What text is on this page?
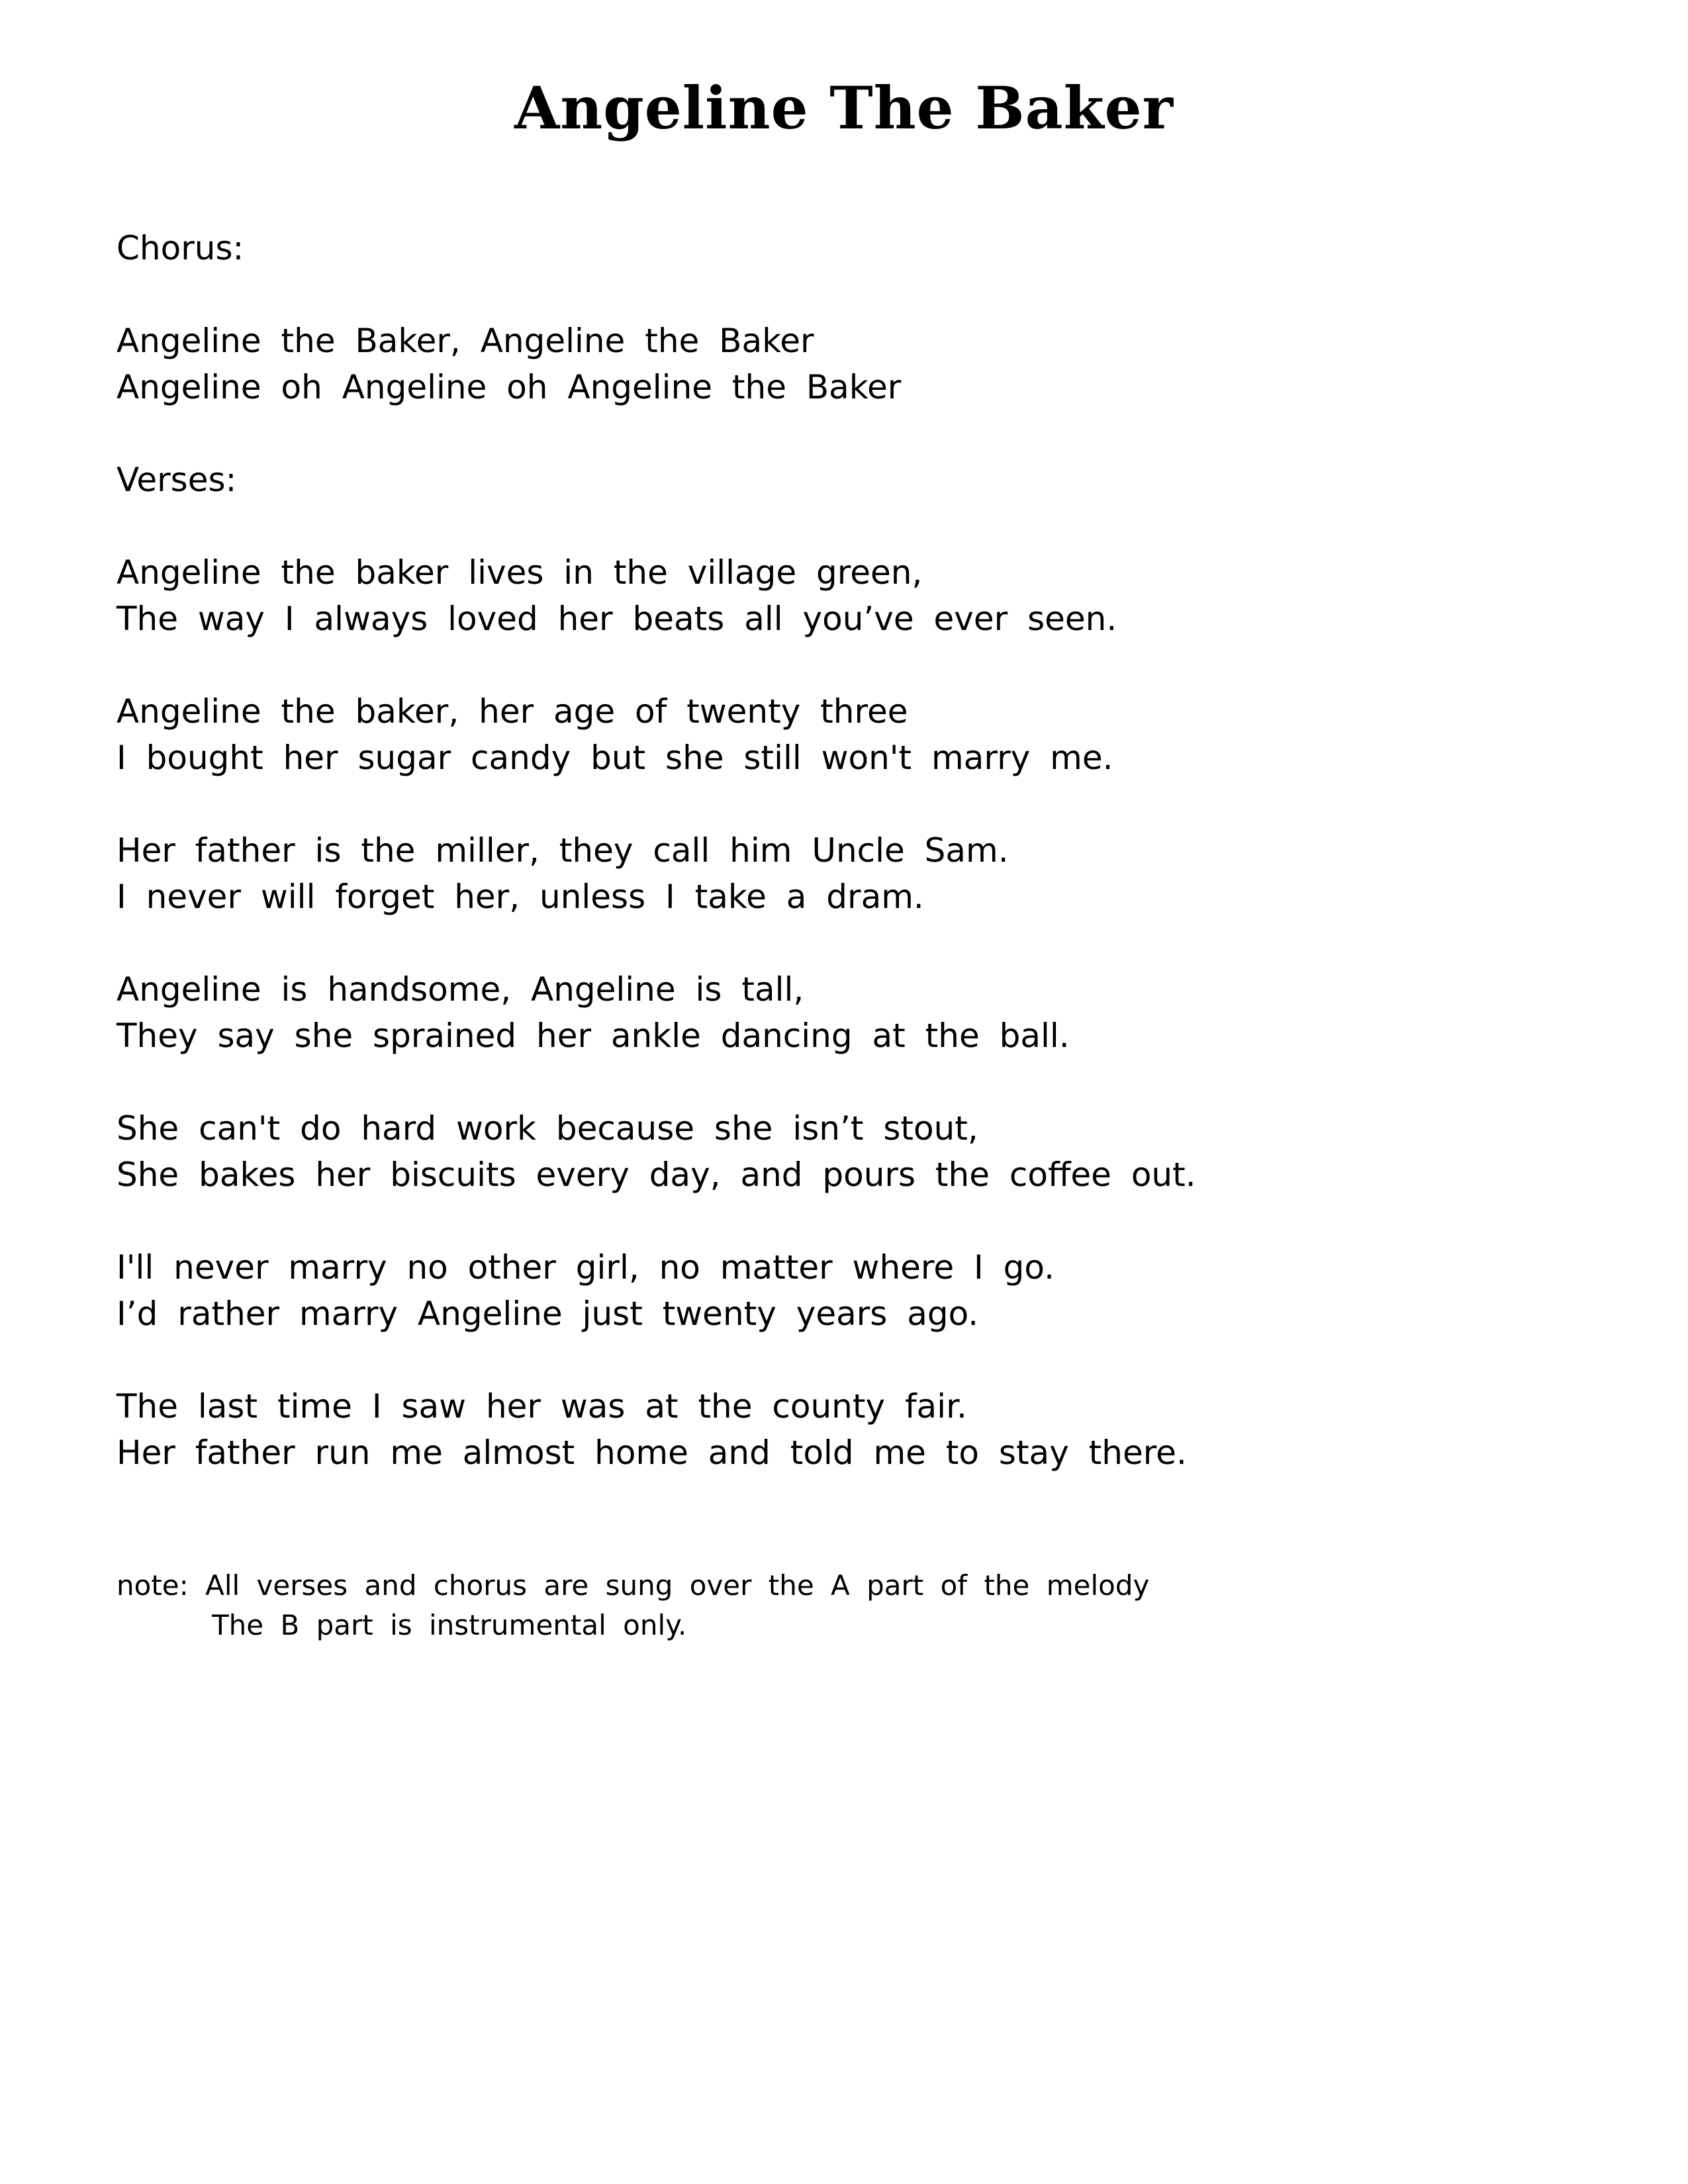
Angeline The Baker
Chorus:
Angeline the Baker, Angeline the Baker
Angeline oh Angeline oh Angeline the Baker
Verses:
Angeline the baker lives in the village green,
The way I always loved her beats all you’ve ever seen.
Angeline the baker, her age of twenty three
I bought her sugar candy but she still won't marry me.
Her father is the miller, they call him Uncle Sam.
I never will forget her, unless I take a dram.
Angeline is handsome, Angeline is tall,
They say she sprained her ankle dancing at the ball.
She can't do hard work because she isn’t stout,
She bakes her biscuits every day, and pours the coffee out.
I'll never marry no other girl, no matter where I go.
I’d rather marry Angeline just twenty years ago.
The last time I saw her was at the county fair.
Her father run me almost home and told me to stay there.
note: All verses and chorus are sung over the A part of the melody
The B part is instrumental only.
